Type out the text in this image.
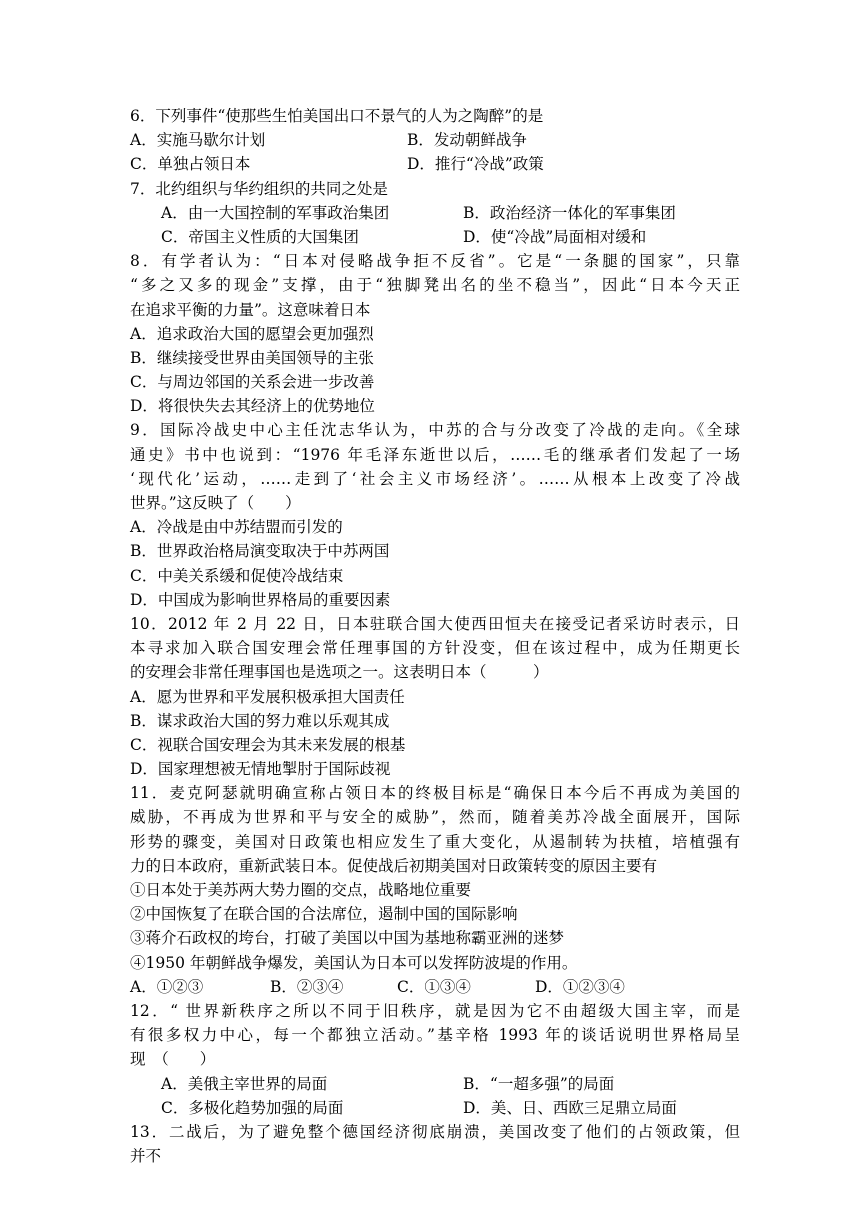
6．下列事件“使那些生怕美国出口不景气的人为之陶醉”的是
A．实施马歇尔计划	B．发动朝鲜战争
C．单独占领日本	D．推行“冷战”政策
7．北约组织与华约组织的共同之处是
A．由一大国控制的军事政治集团	B．政治经济一体化的军事集团
C．帝国主义性质的大国集团	D．使“冷战”局面相对缓和
8．有学者认为：“日本对侵略战争拒不反省”。它是“一条腿的国家”，只靠
“多之又多的现金”支撑，由于“独脚凳出名的坐不稳当”，因此“日本今天正
在追求平衡的力量”。这意味着日本
A．追求政治大国的愿望会更加强烈
B．继续接受世界由美国领导的主张
C．与周边邻国的关系会进一步改善
D．将很快失去其经济上的优势地位
9．国际冷战史中心主任沈志华认为，中苏的合与分改变了冷战的走向。《全球
通史》书中也说到：“1976 年毛泽东逝世以后，……毛的继承者们发起了一场
‘现代化’运动，……走到了‘社会主义市场经济’。……从根本上改变了冷战
世界。”这反映了（　　）
A．冷战是由中苏结盟而引发的
B．世界政治格局演变取决于中苏两国
C．中美关系缓和促使冷战结束
D．中国成为影响世界格局的重要因素
10．2012 年 2 月 22 日，日本驻联合国大使西田恒夫在接受记者采访时表示，日
本寻求加入联合国安理会常任理事国的方针没变，但在该过程中，成为任期更长
的安理会非常任理事国也是选项之一。这表明日本（　　　）
A．愿为世界和平发展积极承担大国责任
B．谋求政治大国的努力难以乐观其成
C．视联合国安理会为其未来发展的根基
D．国家理想被无情地掣肘于国际歧视
11．麦克阿瑟就明确宣称占领日本的终极目标是“确保日本今后不再成为美国的
威胁，不再成为世界和平与安全的威胁”，然而，随着美苏冷战全面展开，国际
形势的骤变，美国对日政策也相应发生了重大变化，从遏制转为扶植，培植强有
力的日本政府，重新武装日本。促使战后初期美国对日政策转变的原因主要有
①日本处于美苏两大势力圈的交点，战略地位重要
②中国恢复了在联合国的合法席位，遏制中国的国际影响
③蒋介石政权的垮台，打破了美国以中国为基地称霸亚洲的迷梦
④1950 年朝鲜战争爆发，美国认为日本可以发挥防波堤的作用。
A．①②③	B．②③④	C．①③④	D．①②③④
12．“ 世界新秩序之所以不同于旧秩序，就是因为它不由超级大国主宰，而是
有很多权力中心，每一个都独立活动。”基辛格 1993 年的谈话说明世界格局呈
现　（　　）
A．美俄主宰世界的局面	B．“一超多强”的局面
C．多极化趋势加强的局面	D．美、日、西欧三足鼎立局面
13．二战后，为了避免整个德国经济彻底崩溃，美国改变了他们的占领政策，但
并不
